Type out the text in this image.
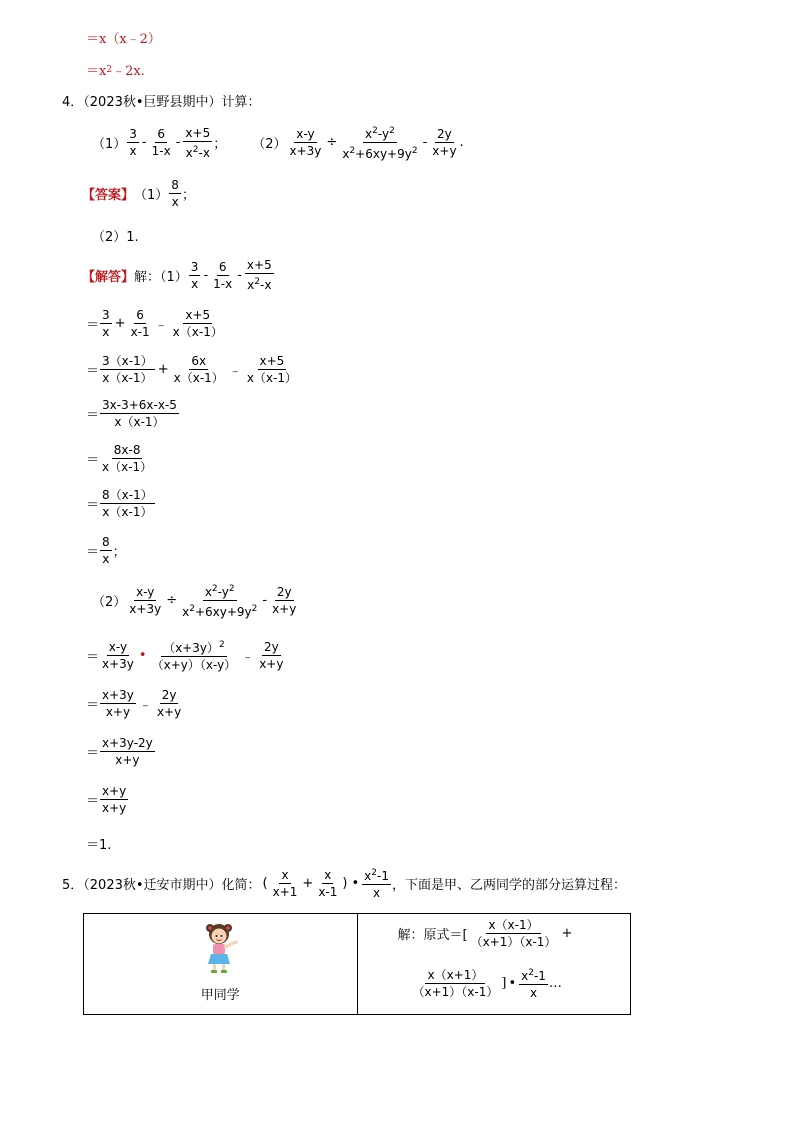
＝x（x﹣2）
＝x 2 ﹣2x.
4．（2023秋•巨野县期中）计算：
$(1) \frac{3}{x} - \frac{6}{1-x} - \frac{x+5}{x^2-x}$ ； $(2) \frac{x-y}{x+3y} \div \frac{x^2-y^2}{x^2+6xy+9y^2} - \frac{2y}{x+y}$ .
【答案】 $(1) \frac{8}{x}$ ；
（2）1.
【解答】 解：$(1) \frac{3}{x} - \frac{6}{1-x} - \frac{x+5}{x^2-x}$
＝ $\frac{3}{x} + \frac{6}{x-1}$ ﹣ $\frac{x+5}{x(x-1)}$
＝ $\frac{3(x-1)}{x(x-1)} + \frac{6x}{x(x-1)}$ ﹣ $\frac{x+5}{x(x-1)}$
＝ $\frac{3x-3+6x-x-5}{x(x-1)}$
＝ $\frac{8x-8}{x(x-1)}$
＝ $\frac{8(x-1)}{x(x-1)}$
＝ $\frac{8}{x}$ ；
$(2) \frac{x-y}{x+3y} \div \frac{x^2-y^2}{x^2+6xy+9y^2} - \frac{2y}{x+y}$
＝ $\frac{x-y}{x+3y}$ • $\frac{(x+3y)^2}{(x+y)(x-y)}$ ﹣ $\frac{2y}{x+y}$
＝ $\frac{x+3y}{x+y}$ ﹣ $\frac{2y}{x+y}$
＝ $\frac{x+3y-2y}{x+y}$
＝ $\frac{x+y}{x+y}$
＝1.
5．（2023秋•迁安市期中）化简： ( $\frac{x}{x+1} + \frac{x}{x-1}$ ) • $\frac{x^2-1}{x}$ ，下面是甲、乙两同学的部分运算过程：
甲同学

解：原式＝[ $\frac{x(x-1)}{(x+1)(x-1)}$ +
$\frac{x(x+1)}{(x+1)(x-1)}$ ] • $\frac{x^2-1}{x}$ …
